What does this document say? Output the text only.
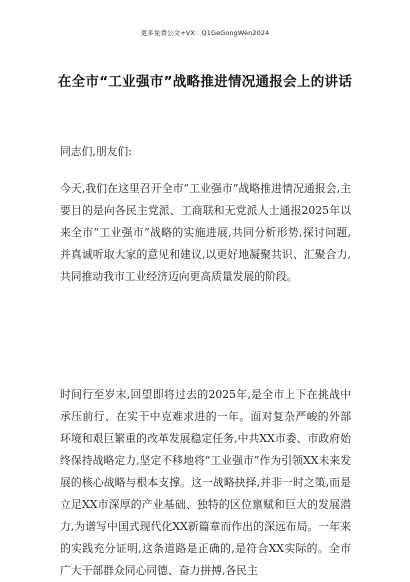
更多免费公文+VX：Q1GeGongWen2024
在全市“工业强市”战略推进情况通报会上的讲话
同志们,朋友们:
今天,我们在这里召开全市“工业强市”战略推进情况通报会,主要目的是向各民主党派、工商联和无党派人士通报2025年以来全市“工业强市”战略的实施进展,共同分析形势,探讨问题,并真诚听取大家的意见和建议,以更好地凝聚共识、汇聚合力,共同推动我市工业经济迈向更高质量发展的阶段。
时间行至岁末,回望即将过去的2025年,是全市上下在挑战中承压前行、在实干中克难求进的一年。面对复杂严峻的外部环境和艰巨繁重的改革发展稳定任务,中共XX市委、市政府始终保持战略定力,坚定不移地将“工业强市”作为引领XX未来发展的核心战略与根本支撑。这一战略抉择,并非一时之策,而是立足XX市深厚的产业基础、独特的区位禀赋和巨大的发展潜力,为谱写中国式现代化XX新篇章而作出的深远布局。一年来的实践充分证明,这条道路是正确的,是符合XX实际的。全市广大干部群众同心同德、奋力拼搏,各民主
